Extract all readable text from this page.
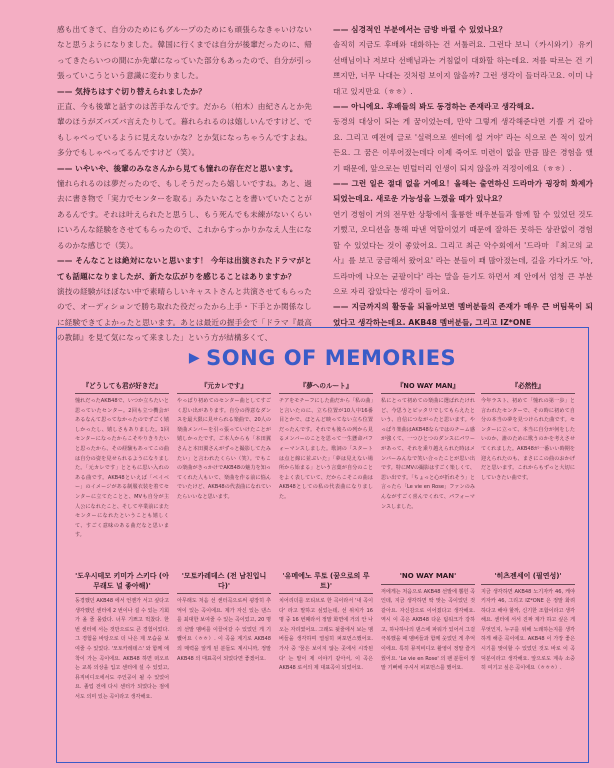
感も出てきて、自分のためにもグループのためにも頑張らなきゃいけないなと思うようになりました。韓国に行くまでは自分が後輩だったのに、帰ってきたらいつの間にか先輩になっていた部分もあったので、自分が引っ張っていこうという意識に変わりました。

—— 気持ちはすぐ切り替えられましたか？

正直、今も後輩と話すのは苦手なんです。だから（柏木）由紀さんとか先輩のほうがズバズバ言えたりして。暮れられるのは嬉しいんですけど、でもしゃべっているように見えないかな？とか気になっちゃうんですよね。多分でもしゃべってるんですけど（笑）。

—— いやいや、後輩のみなさんから見ても憧れの存在だと思います。

憧れられるのは夢だったので、もしそうだったら嬉しいですね。あと、過去に書き物で「実力でセンターを取る」みたいなことを書いていたことがあるんです。それは叶えられたと思うし、もう死んでも未練がないくらいにいろんな経験をさせてもらったので、これからすっかりかなえ人生になるのかな感じで（笑）。

—— そんなことは絶対にないと思います！ 今年は出演されたドラマがとても話題になりましたが、新たな広がりを感じることはありますか？

演技の経験がほぼない中で素晴らしいキャストさんと共演させてもらったので、オーディションで勝ち取れた役だったから上手・下手とか関係なしに経験できてよかったと思います。あとは最近の握手会で「ドラマ『最高の教師』を見て気になって来ました」という方が結構多くて、

—— 심경적인 부분에서는 금방 바뀔 수 있었나요？

솔직히 지금도 후배와 대화하는 건 서툴러요. 그런다 보니（카시와기）유키 선배님이나 저보다 선배님과는 거침없이 대화할 하는데요. 저를 따르는 건 기쁘지만, 너무 나대는 것처럼 보이지 않을까? 그런 생각이 들더라고요. 이미 나대고 있지만요（ㅎㅎ）.

—— 아니에요. 후배들의 봐도 동경하는 존재라고 생각해요.

동경의 대상이 되는 게 꿈이었는데, 만약 그렇게 생각해준다면 기쁠 거 같아요. 그리고 예전에 글로 '실력으로 센터에 설 거야' 라는 식으로 쓴 적이 있거든요. 그 꿈은 이루어졌는데다 이제 죽어도 미련이 없을 만큼 많은 경험을 했기 때문에, 앞으로는 빈털터리 인생이 되지 않을까 걱정이에요（ㅎㅎ）.

—— 그런 일은 절대 없을 거예요！올해는 출연하신 드라마가 굉장히 화제가 되었는데요. 새로운 가능성을 느꼈을 때가 있나요？

연기 경험이 거의 전무한 상황에서 훌륭한 배우분들과 함께 할 수 있었던 것도 기뻤고, 오디션을 통해 따낸 역할이었기 때문에 잘하든 못하든 상관없이 경험할 수 있었다는 것이 좋았어요. 그리고 최근 악수회에서 '드라마 『최고의 교사』를 보고 궁금해서 왔어요' 라는 분들이 꽤 많아졌는데, 길을 가다가도 '아, 드라마에 나오는 균팔이다' 라는 말을 듣기도 하면서 제 안에서 엄청 큰 부분으로 자리 잡았다는 생각이 들어요.

—— 지금까지의 활동을 되돌아보면 멤버분들의 존재가 매우 큰 버팀목이 되었다고 생각하는데요. AKB48 멤버분들, 그리고 IZ*ONE

▶ SONG OF MEMORIES
『どうしても君が好きだ』

憧れだったAKB48で、いつか立ちたいと思っていたセンター。2回も立つ機会があるなんて思ってなかったのでずごく嬉しかったし、嬉しさもありました。1回センターになったからこそやりきりたいと思ったから、その経験もあってこの曲は自分の姿を見せられるようになりました。「元カレです」とともに思い入れのある曲です。AKB48といえば「ベイベー」のイメージがある制服衣装を着てセンターに立てたことと、MVも自分が主人公になれたこと、そして卒業前にまたセンターになれたということも嬉しくて、すごく意味のある曲だなと思います。

『元カレです』

やっぱり初めてのセンター曲としてすごく思い出があります。自分の得意なダンスを最大限に見せられる楽曲で、20人の楽曲メンバーを引っ張っていけたことが嬉しかったです。ご本人からも「本田翼さんと本田翼さんがずっと撮影してたみたい」と言われたくらい（笑）。でもこの楽曲がきっかけでAKB48の魅力を知ってくれた人もいて、楽曲を作る前に悩んでいたけど、AKB48の代表曲になれていたらいいなと思います。

『夢へのルート』

チアをモチーフにした曲だから「私の曲」と言いたのに、立ち位置が10人中16番目とかで、ほとんど映ってない立ち位置だったんです。それでも後ろの列から見るメンバーのことを思って一生懸命パフォーマンスしました。歌詞の「スタートは点と線に並ぶいた」「夢は見えない場所から始まる」という言葉が自分のことをよく表していて、だからこそこの曲はAKB48としての私の代表曲になりました。

『NO WAY MAN』

私にとって初めての楽曲に選ばれたけれど、今思うとピッタリでしてもらえたという、自信につながったと思います。やっぱり楽曲はAKB48ならではのチーム感が強くて、一つひとつのダンスにパワーがあって、それを乗り越えられた時はメンバーみんなで笑い合ったことが思い出です。特にMVの撮影はすごく楽しくて、思い出です。「ちょっと心が折れそう」と言ったら「Le vie en Rose」ファンのみんながすごく喜んでくれて、パフォーマンスしました。

『必然性』

今年ラスト、初めて「憧れの第一歩」と言われたセンターで、その時に初めて自分の本当の夢を見つけられた曲です。センターに立って、本当に自分が何をしたいのか、誰のために歌うのかを考えさせてくれました。AKB48が一番いい時期を迎えられたのも、まさにこの曲のおかげだと思います。これからもずっと大切にしていきたい曲です。

'도우시테모 키미가 스키다 (아무래도 널 좋아해)'

동경했던 AKB48 에서 언젠가 서고 싶다고 생각했던 센터에 2 번이나 설 수 있는 기회가 올 줄 몰랐다. 너무 기쁘고 벅찼다. 한 번 센터에 서는 것만으로도 큰 경험이었다. 그 경험을 바탕으로 더 나은 제 모습을 보여줄 수 있었다. '모토카레데스' 와 함께 애착이 가는 곡이에요. AKB48 하면 떠오르는 교복 의상을 입고 센터에 설 수 있었고, 뮤직비디오에서도 주인공이 될 수 있었어요. 졸업 전에 다시 센터가 되었다는 점에서도 의미 있는 곡이라고 생각해요.

'모토카레데스 (전 남친입니다)'

아무래도 처음 선 센터곡으로써 굉장히 추억이 있는 곡이에요. 제가 자신 있는 댄스를 최대한 보여줄 수 있는 곡이었고, 20 명의 선발 멤버를 이끌어갈 수 있었던 게 기뻤어요（ㅎㅎ）. 이 곡을 계기로 AKB48 의 매력을 알게 된 분들도 계시니까, 정말 AKB48 의 대표곡이 되었다면 좋겠어요.

'유메에노 루토 (꿈으로의 루트)'

치어리더를 모티브로 한 곡이라서 '내 곡이다' 라고 말하고 싶었는데, 선 위치가 16 명 중 16 번째라서 정말 화면에 거의 안 나오는 자리였어요. 그래도 뒷줄에서 보는 멤버들을 생각하며 열심히 퍼포먼스했어요. 가사 중 '꿈은 보이지 않는 곳에서 시작된다' 는 말이 제 이야기 같아서, 이 곡은 AKB48 로서의 제 대표곡이 되었어요.

'NO WAY MAN'

저에게는 처음으로 AKB48 선발에 뽑힌 곡인데, 지금 생각하면 딱 맞는 곡이었던 것 같아요. 자신감으로 이어졌다고 생각해요. 역시 이 곡은 AKB48 다운 팀워크가 강하고, 하나하나의 댄스에 파워가 있어서 그걸 극복했을 때 멤버들과 함께 웃었던 게 추억이에요. 특히 뮤직비디오 촬영이 정말 즐거웠어요. 'Le vie en Rose' 의 팬 분들이 정말 기뻐해 주셔서 퍼포먼스를 했어요.

'히츠젠세이 (필연성)'

지금 생각하면 AKB48 노기자카 46, 케야키자카 46, 그리고 IZ*ONE 은 정말 화려하다고 해야 할까, 신기한 조합이라고 생각해요. 센터에 서서 진짜 제가 하고 싶은 게 무엇인지, 누구를 위해 노래하는지를 생각하게 해준 곡이에요. AKB48 이 가장 좋은 시기를 맞이할 수 있었던 것도 바로 이 곡 덕분이라고 생각해요. 앞으로도 계속 소중히 여기고 싶은 곡이에요（ㅎㅎㅎ）.
